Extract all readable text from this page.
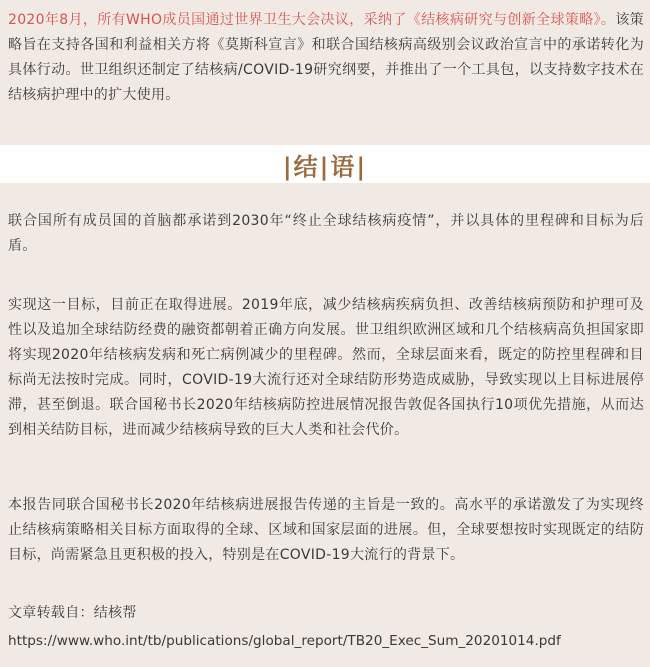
2020年8月，所有WHO成员国通过世界卫生大会决议，采纳了《结核病研究与创新全球策略》。该策略旨在支持各国和利益相关方将《莫斯科宣言》和联合国结核病高级别会议政治宣言中的承诺转化为具体行动。世卫组织还制定了结核病/COVID-19研究纲要，并推出了一个工具包，以支持数字技术在结核病护理中的扩大使用。

|结|语|

联合国所有成员国的首脑都承诺到2030年“终止全球结核病疫情”，并以具体的里程碑和目标为后盾。

实现这一目标，目前正在取得进展。2019年底，减少结核病疾病负担、改善结核病预防和护理可及性以及追加全球结防经费的融资都朝着正确方向发展。世卫组织欧洲区域和几个结核病高负担国家即将实现2020年结核病发病和死亡病例减少的里程碑。然而，全球层面来看，既定的防控里程碑和目标尚无法按时完成。同时，COVID-19大流行还对全球结防形势造成威胁，导致实现以上目标进展停滞，甚至倒退。联合国秘书长2020年结核病防控进展情况报告敦促各国执行10项优先措施，从而达到相关结防目标，进而减少结核病导致的巨大人类和社会代价。

本报告同联合国秘书长2020年结核病进展报告传递的主旨是一致的。高水平的承诺激发了为实现终止结核病策略相关目标方面取得的全球、区域和国家层面的进展。但，全球要想按时实现既定的结防目标，尚需紧急且更积极的投入，特别是在COVID-19大流行的背景下。

文章转载自：结核帮

https://www.who.int/tb/publications/global_report/TB20_Exec_Sum_20201014.pdf
